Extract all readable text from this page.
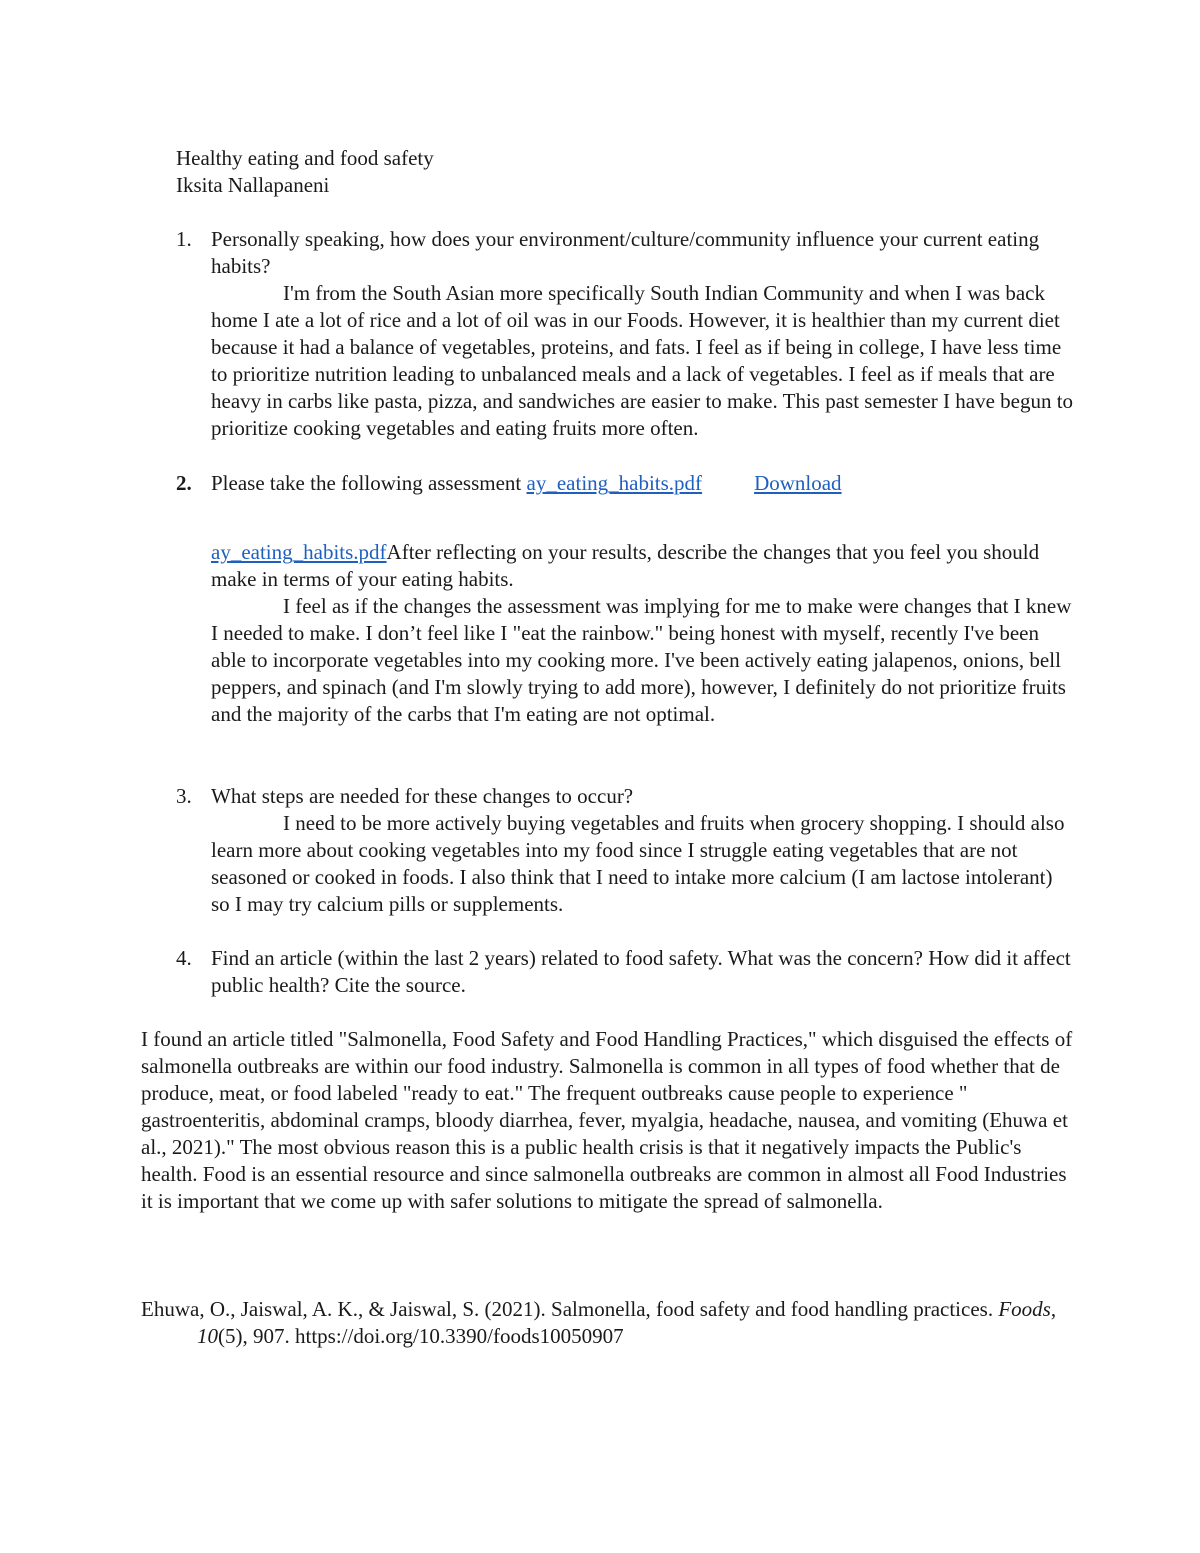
Healthy eating and food safety
Iksita Nallapaneni
1. Personally speaking, how does your environment/culture/community influence your current eating habits?
I'm from the South Asian more specifically South Indian Community and when I was back home I ate a lot of rice and a lot of oil was in our Foods. However, it is healthier than my current diet because it had a balance of vegetables, proteins, and fats. I feel as if being in college, I have less time to prioritize nutrition leading to unbalanced meals and a lack of vegetables. I feel as if meals that are heavy in carbs like pasta, pizza, and sandwiches are easier to make. This past semester I have begun to prioritize cooking vegetables and eating fruits more often.
2. Please take the following assessment ay_eating_habits.pdf Download
ay_eating_habits.pdfAfter reflecting on your results, describe the changes that you feel you should make in terms of your eating habits.
I feel as if the changes the assessment was implying for me to make were changes that I knew I needed to make. I don’t feel like I "eat the rainbow." being honest with myself, recently I've been able to incorporate vegetables into my cooking more. I've been actively eating jalapenos, onions, bell peppers, and spinach (and I'm slowly trying to add more), however, I definitely do not prioritize fruits and the majority of the carbs that I'm eating are not optimal.
3. What steps are needed for these changes to occur?
I need to be more actively buying vegetables and fruits when grocery shopping. I should also learn more about cooking vegetables into my food since I struggle eating vegetables that are not seasoned or cooked in foods. I also think that I need to intake more calcium (I am lactose intolerant) so I may try calcium pills or supplements.
4. Find an article (within the last 2 years) related to food safety. What was the concern? How did it affect public health? Cite the source.
I found an article titled "Salmonella, Food Safety and Food Handling Practices," which disguised the effects of salmonella outbreaks are within our food industry. Salmonella is common in all types of food whether that de produce, meat, or food labeled "ready to eat." The frequent outbreaks cause people to experience " gastroenteritis, abdominal cramps, bloody diarrhea, fever, myalgia, headache, nausea, and vomiting (Ehuwa et al., 2021)." The most obvious reason this is a public health crisis is that it negatively impacts the Public's health. Food is an essential resource and since salmonella outbreaks are common in almost all Food Industries it is important that we come up with safer solutions to mitigate the spread of salmonella.
Ehuwa, O., Jaiswal, A. K., & Jaiswal, S. (2021). Salmonella, food safety and food handling practices. Foods, 10(5), 907. https://doi.org/10.3390/foods10050907
